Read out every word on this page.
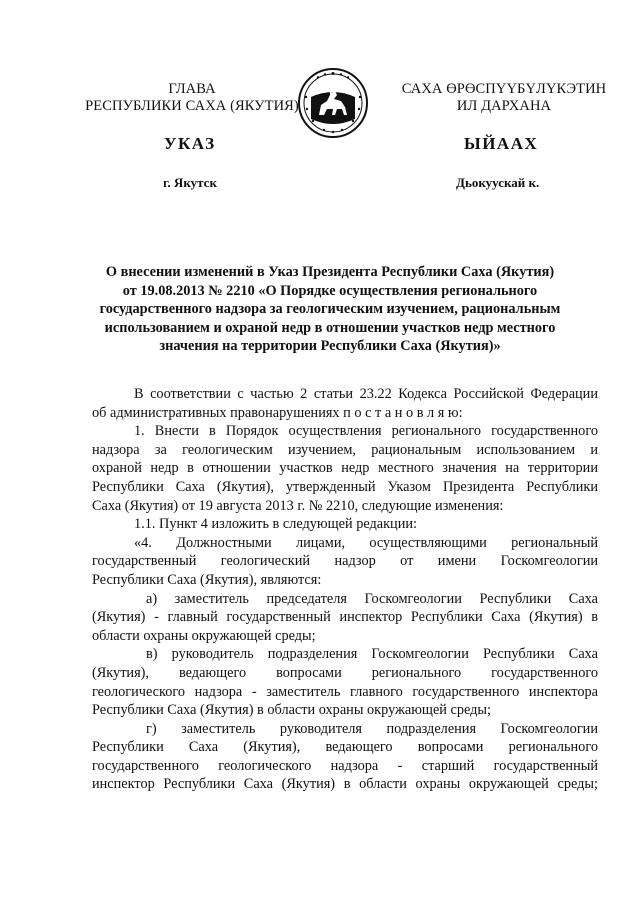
ГЛАВА
РЕСПУБЛИКИ САХА (ЯКУТИЯ)
САХА ӨРӨСПҮҮБҮЛҮКЭТИН
ИЛ ДАРХАНА
УКАЗ	ЫЙААХ
г. Якутск	Дьокуускай к.
О внесении изменений в Указ Президента Республики Саха (Якутия)
от 19.08.2013 № 2210 «О Порядке осуществления регионального
государственного надзора за геологическим изучением, рациональным
использованием и охраной недр в отношении участков недр местного
значения на территории Республики Саха (Якутия)»
В соответствии с частью 2 статьи 23.22 Кодекса Российской Федерации
об административных правонарушениях п о с т а н о в л я ю:
1. Внести в Порядок осуществления регионального государственного
надзора за геологическим изучением, рациональным использованием и
охраной недр в отношении участков недр местного значения на территории
Республики Саха (Якутия), утвержденный Указом Президента Республики
Саха (Якутия) от 19 августа 2013 г. № 2210, следующие изменения:
1.1. Пункт 4 изложить в следующей редакции:
«4. Должностными лицами, осуществляющими региональный
государственный геологический надзор от имени Госкомгеологии
Республики Саха (Якутия), являются:
а) заместитель председателя Госкомгеологии Республики Саха
(Якутия) - главный государственный инспектор Республики Саха (Якутия) в
области охраны окружающей среды;
в) руководитель подразделения Госкомгеологии Республики Саха
(Якутия), ведающего вопросами регионального государственного
геологического надзора - заместитель главного государственного инспектора
Республики Саха (Якутия) в области охраны окружающей среды;
г) заместитель руководителя подразделения Госкомгеологии
Республики Саха (Якутия), ведающего вопросами регионального
государственного геологического надзора - старший государственный
инспектор Республики Саха (Якутия) в области охраны окружающей среды;
